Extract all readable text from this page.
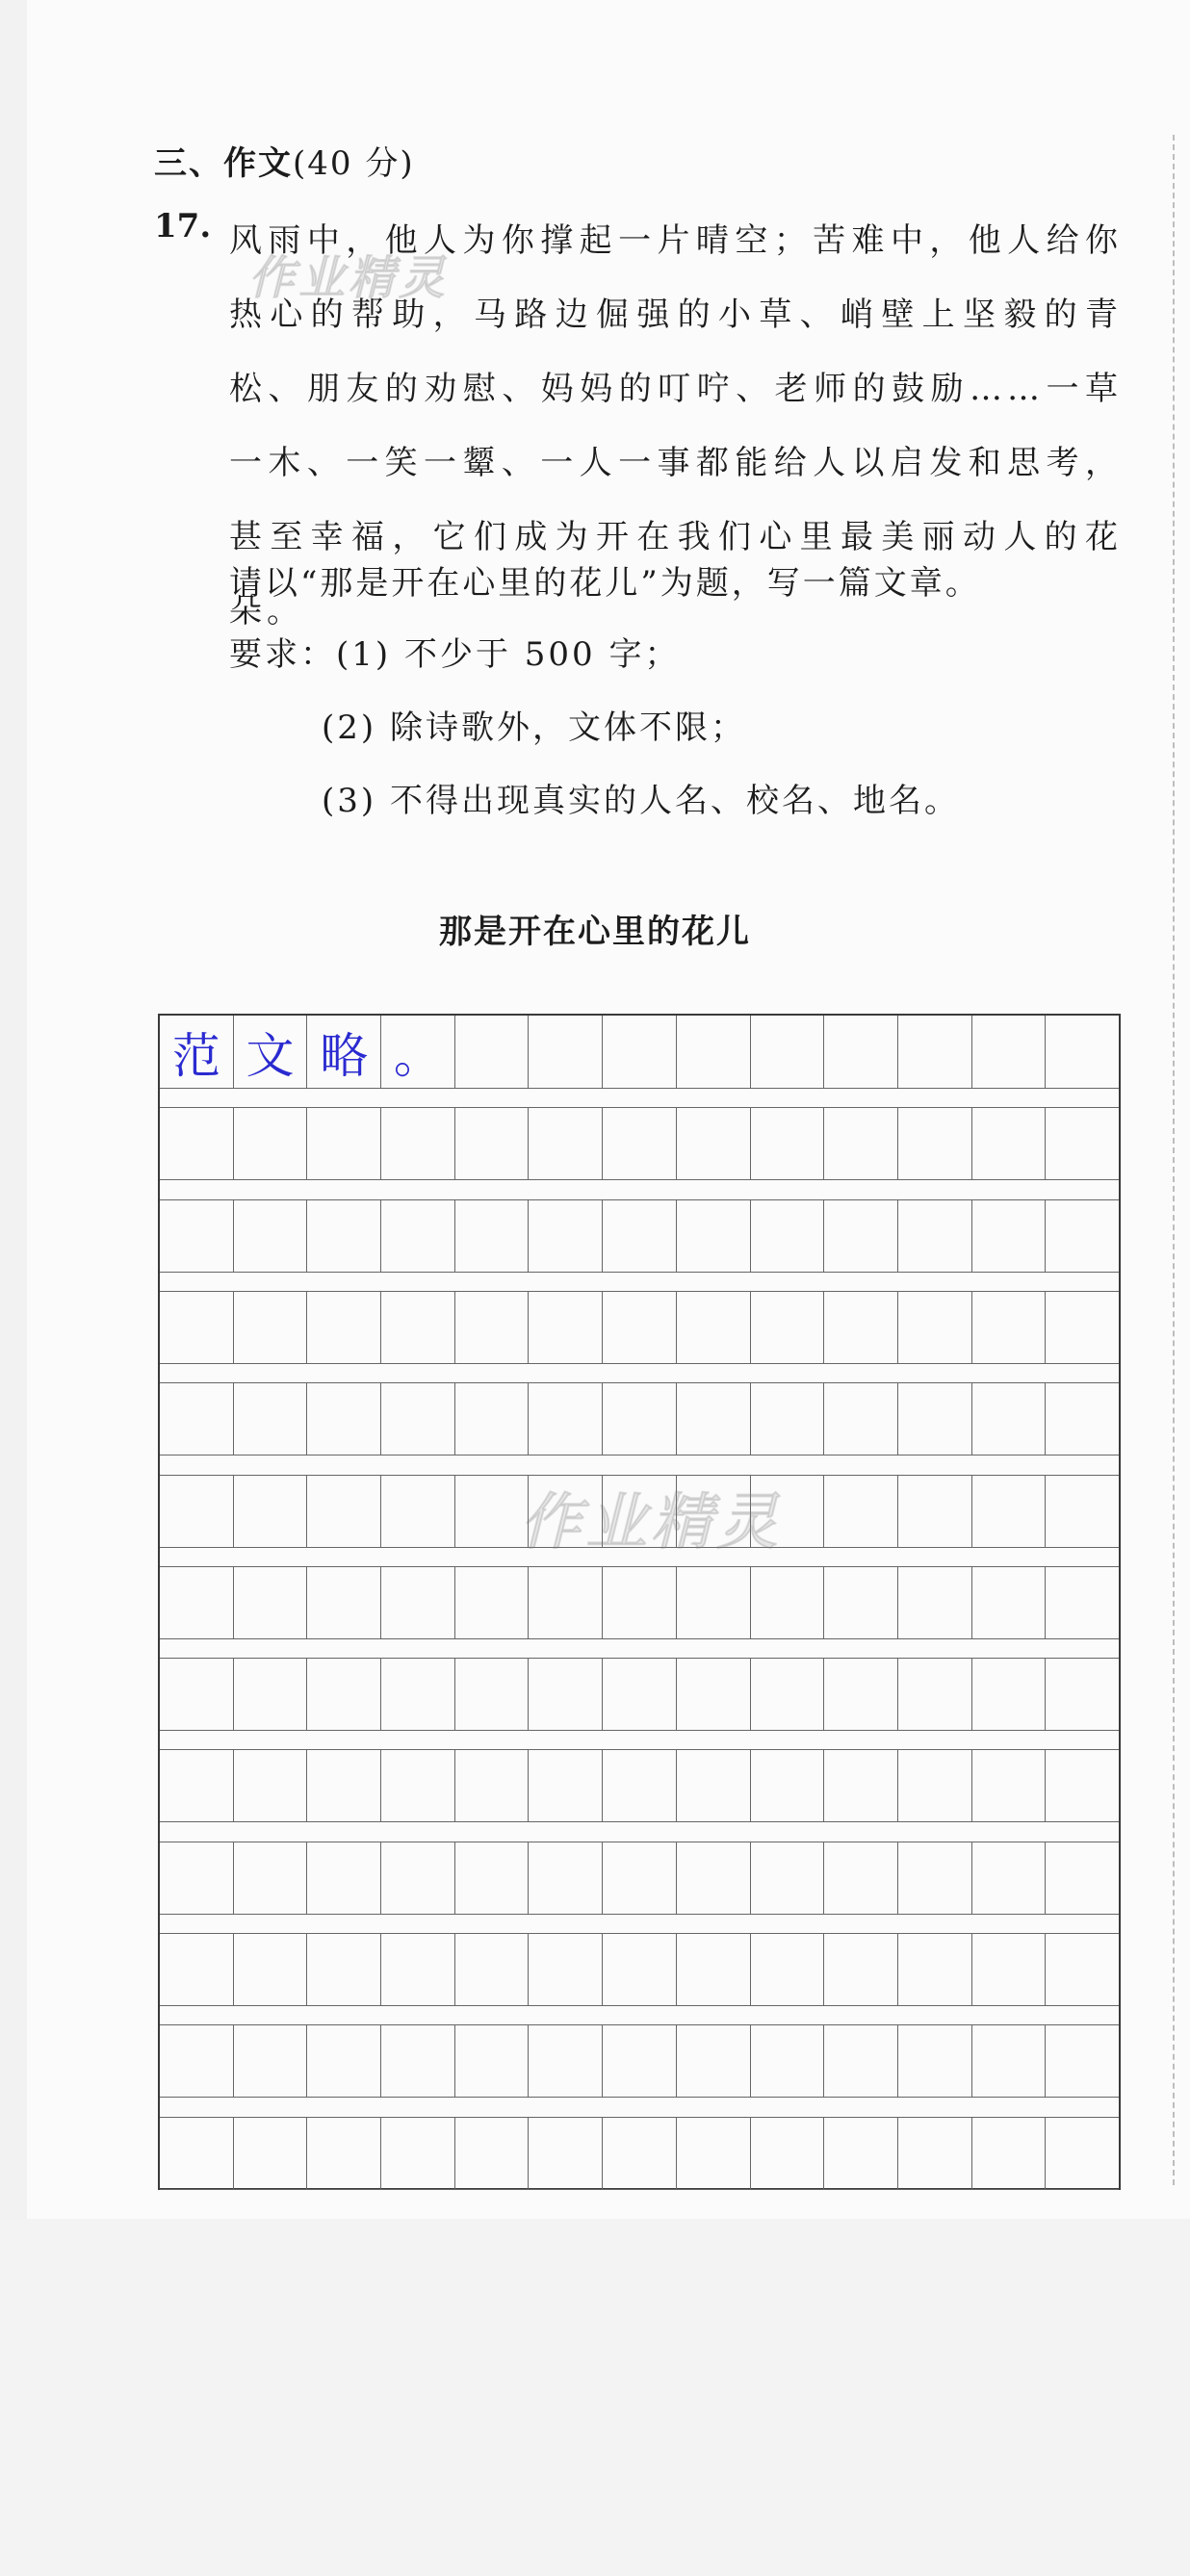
三、作文(40 分)
17. 风雨中，他人为你撑起一片晴空；苦难中，他人给你热心的帮助，马路边倔强的小草、峭壁上坚毅的青松、朋友的劝慰、妈妈的叮咛、老师的鼓励……一草一木、一笑一颦、一人一事都能给人以启发和思考，甚至幸福，它们成为开在我们心里最美丽动人的花朵。
请以“那是开在心里的花儿”为题，写一篇文章。
要求：(1) 不少于 500 字；
(2) 除诗歌外，文体不限；
(3) 不得出现真实的人名、校名、地名。
那是开在心里的花儿
范 文 略 。
作业精灵
作业精灵
